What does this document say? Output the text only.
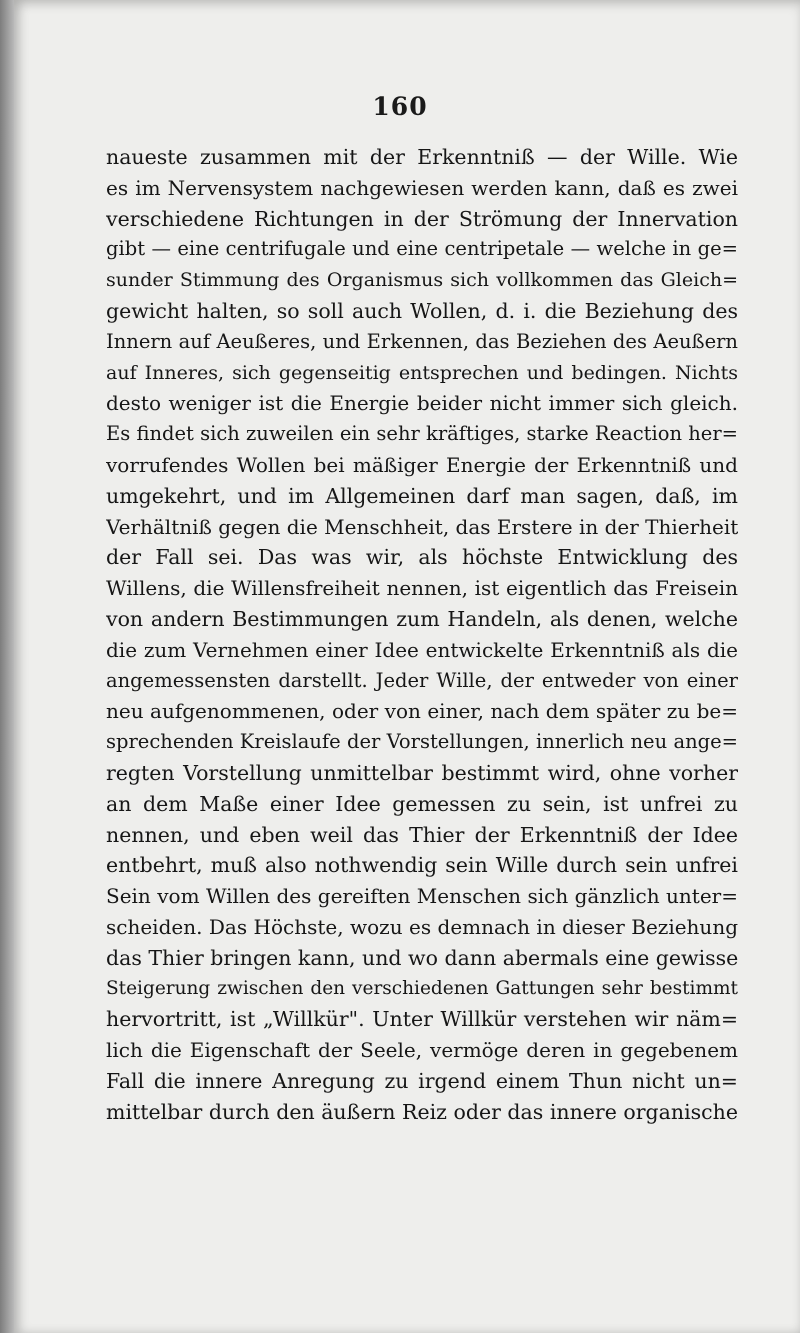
160
naueste zusammen mit der Erkenntniß — der Wille. Wie
es im Nervensystem nachgewiesen werden kann, daß es zwei
verschiedene Richtungen in der Strömung der Innervation
gibt — eine centrifugale und eine centripetale — welche in ge=
sunder Stimmung des Organismus sich vollkommen das Gleich=
gewicht halten, so soll auch Wollen, d. i. die Beziehung des
Innern auf Aeußeres, und Erkennen, das Beziehen des Aeußern
auf Inneres, sich gegenseitig entsprechen und bedingen. Nichts
desto weniger ist die Energie beider nicht immer sich gleich.
Es findet sich zuweilen ein sehr kräftiges, starke Reaction her=
vorrufendes Wollen bei mäßiger Energie der Erkenntniß und
umgekehrt, und im Allgemeinen darf man sagen, daß, im
Verhältniß gegen die Menschheit, das Erstere in der Thierheit
der Fall sei. Das was wir, als höchste Entwicklung des
Willens, die Willensfreiheit nennen, ist eigentlich das Freisein
von andern Bestimmungen zum Handeln, als denen, welche
die zum Vernehmen einer Idee entwickelte Erkenntniß als die
angemessensten darstellt. Jeder Wille, der entweder von einer
neu aufgenommenen, oder von einer, nach dem später zu be=
sprechenden Kreislaufe der Vorstellungen, innerlich neu ange=
regten Vorstellung unmittelbar bestimmt wird, ohne vorher
an dem Maße einer Idee gemessen zu sein, ist unfrei zu
nennen, und eben weil das Thier der Erkenntniß der Idee
entbehrt, muß also nothwendig sein Wille durch sein unfrei
Sein vom Willen des gereiften Menschen sich gänzlich unter=
scheiden. Das Höchste, wozu es demnach in dieser Beziehung
das Thier bringen kann, und wo dann abermals eine gewisse
Steigerung zwischen den verschiedenen Gattungen sehr bestimmt
hervortritt, ist „Willkür". Unter Willkür verstehen wir näm=
lich die Eigenschaft der Seele, vermöge deren in gegebenem
Fall die innere Anregung zu irgend einem Thun nicht un=
mittelbar durch den äußern Reiz oder das innere organische
